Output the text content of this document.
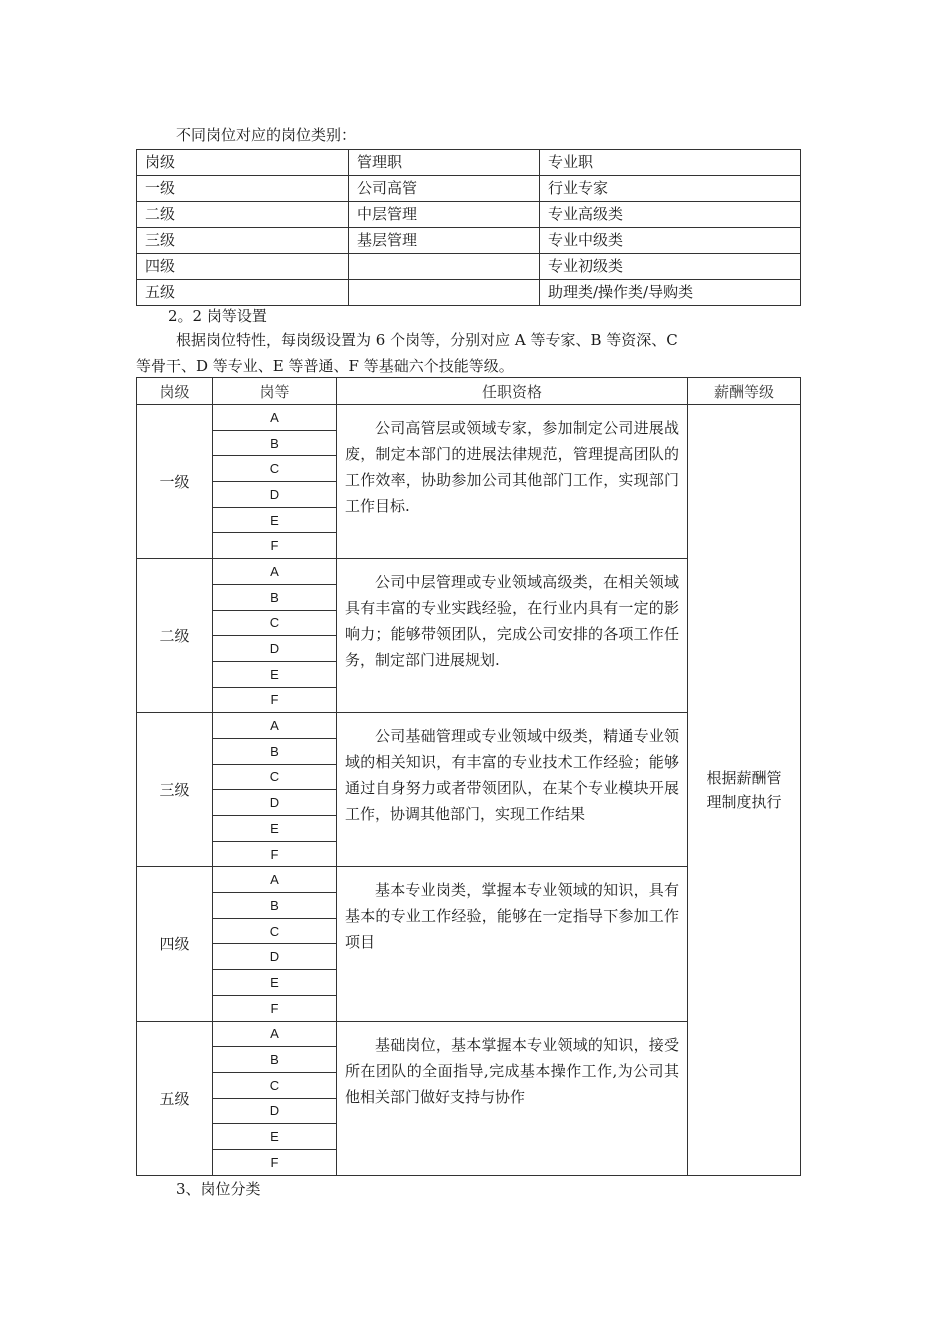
不同岗位对应的岗位类别：

岗级	管理职	专业职
一级	公司高管	行业专家
二级	中层管理	专业高级类
三级	基层管理	专业中级类
四级		专业初级类
五级		助理类/操作类/导购类

2。2 岗等设置

根据岗位特性，每岗级设置为 6 个岗等，分别对应 A 等专家、B 等资深、C

等骨干、D 等专业、E 等普通、F 等基础六个技能等级。

岗级	岗等	任职资格	薪酬等级
一级	A	公司高管层或领域专家，参加制定公司进展战废，制定本部门的进展法律规范，管理提高团队的工作效率，协助参加公司其他部门工作，实现部门工作目标.	根据薪酬管理制度执行
	B		
	C		
	D		
	E		
	F		
二级	A	公司中层管理或专业领域高级类，在相关领域具有丰富的专业实践经验，在行业内具有一定的影响力；能够带领团队，完成公司安排的各项工作任务，制定部门进展规划.	
	B		
	C		
	D		
	E		
	F		
三级	A	公司基础管理或专业领域中级类，精通专业领域的相关知识，有丰富的专业技术工作经验；能够通过自身努力或者带领团队，在某个专业模块开展工作，协调其他部门，实现工作结果	
	B		
	C		
	D		
	E		
	F		
四级	A	基本专业岗类，掌握本专业领域的知识，具有基本的专业工作经验，能够在一定指导下参加工作项目	
	B		
	C		
	D		
	E		
	F		
五级	A	基础岗位，基本掌握本专业领域的知识，接受所在团队的全面指导,完成基本操作工作,为公司其他相关部门做好支持与协作	
	B		
	C		
	D		
	E		
	F		

3、岗位分类
